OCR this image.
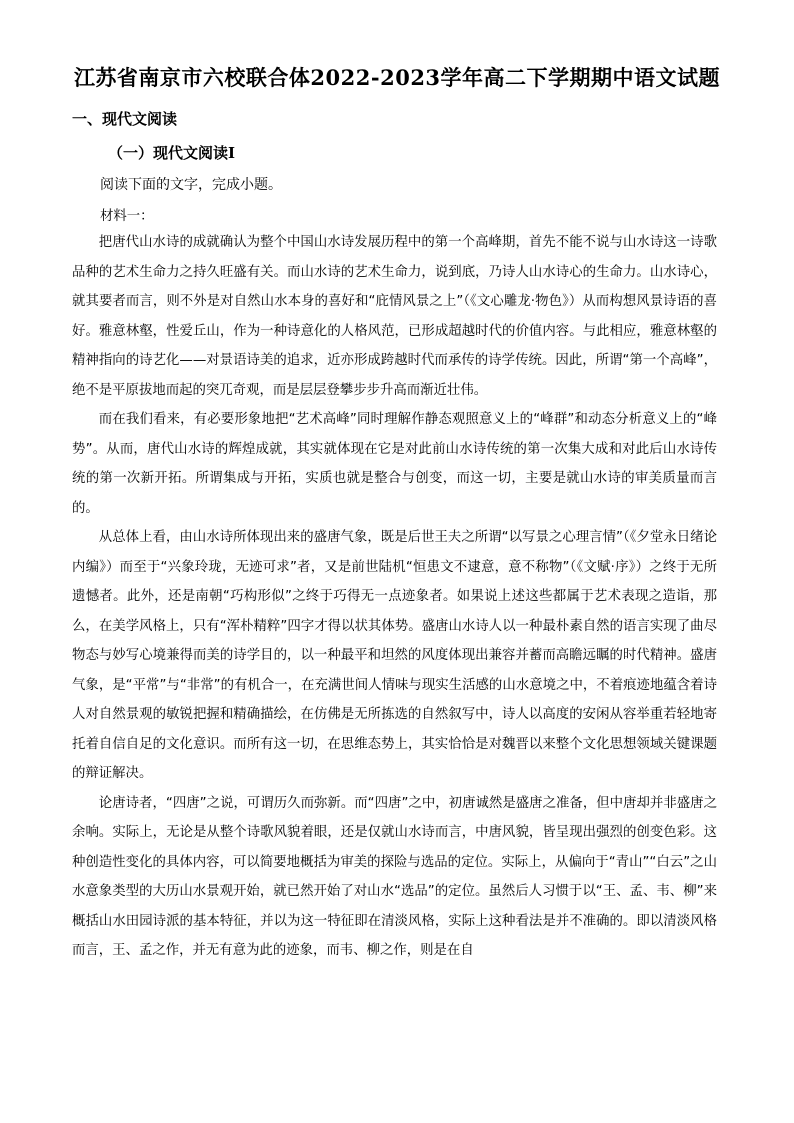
江苏省南京市六校联合体2022-2023学年高二下学期期中语文试题
一、现代文阅读
（一）现代文阅读Ⅰ
阅读下面的文字，完成小题。
材料一：

把唐代山水诗的成就确认为整个中国山水诗发展历程中的第一个高峰期，首先不能不说与山水诗这一诗歌品种的艺术生命力之持久旺盛有关。而山水诗的艺术生命力，说到底，乃诗人山水诗心的生命力。山水诗心，就其要者而言，则不外是对自然山水本身的喜好和“庇情风景之上”（《文心雕龙·物色》）从而构想风景诗语的喜好。雅意林壑，性爱丘山，作为一种诗意化的人格风范，已形成超越时代的价值内容。与此相应，雅意林壑的精神指向的诗艺化——对景语诗美的追求，近亦形成跨越时代而承传的诗学传统。因此，所谓“第一个高峰”，绝不是平原拔地而起的突兀奇观，而是层层登攀步步升高而渐近壮伟。

而在我们看来，有必要形象地把“艺术高峰”同时理解作静态观照意义上的“峰群”和动态分析意义上的“峰势”。从而，唐代山水诗的辉煌成就，其实就体现在它是对此前山水诗传统的第一次集大成和对此后山水诗传统的第一次新开拓。所谓集成与开拓，实质也就是整合与创变，而这一切，主要是就山水诗的审美质量而言的。

从总体上看，由山水诗所体现出来的盛唐气象，既是后世王夫之所谓“以写景之心理言情”（《夕堂永日绪论内编》）而至于“兴象玲珑，无迹可求”者，又是前世陆机“恒患文不逮意，意不称物”（《文赋·序》）之终于无所遗憾者。此外，还是南朝“巧构形似”之终于巧得无一点迹象者。如果说上述这些都属于艺术表现之造诣，那么，在美学风格上，只有“浑朴精粹”四字才得以状其体势。盛唐山水诗人以一种最朴素自然的语言实现了曲尽物态与妙写心境兼得而美的诗学目的，以一种最平和坦然的风度体现出兼容并蓄而高瞻远瞩的时代精神。盛唐气象，是“平常”与“非常”的有机合一，在充满世间人情味与现实生活感的山水意境之中，不着痕迹地蕴含着诗人对自然景观的敏锐把握和精确描绘，在仿佛是无所拣选的自然叙写中，诗人以高度的安闲从容举重若轻地寄托着自信自足的文化意识。而所有这一切，在思维态势上，其实恰恰是对魏晋以来整个文化思想领域关键课题的辩证解决。

论唐诗者，“四唐”之说，可谓历久而弥新。而“四唐”之中，初唐诚然是盛唐之准备，但中唐却并非盛唐之余响。实际上，无论是从整个诗歌风貌着眼，还是仅就山水诗而言，中唐风貌，皆呈现出强烈的创变色彩。这种创造性变化的具体内容，可以简要地概括为审美的探险与选品的定位。实际上，从偏向于“青山”“白云”之山水意象类型的大历山水景观开始，就已然开始了对山水“选品”的定位。虽然后人习惯于以“王、孟、韦、柳”来概括山水田园诗派的基本特征，并以为这一特征即在清淡风格，实际上这种看法是并不准确的。即以清淡风格而言，王、孟之作，并无有意为此的迹象，而韦、柳之作，则是在自
